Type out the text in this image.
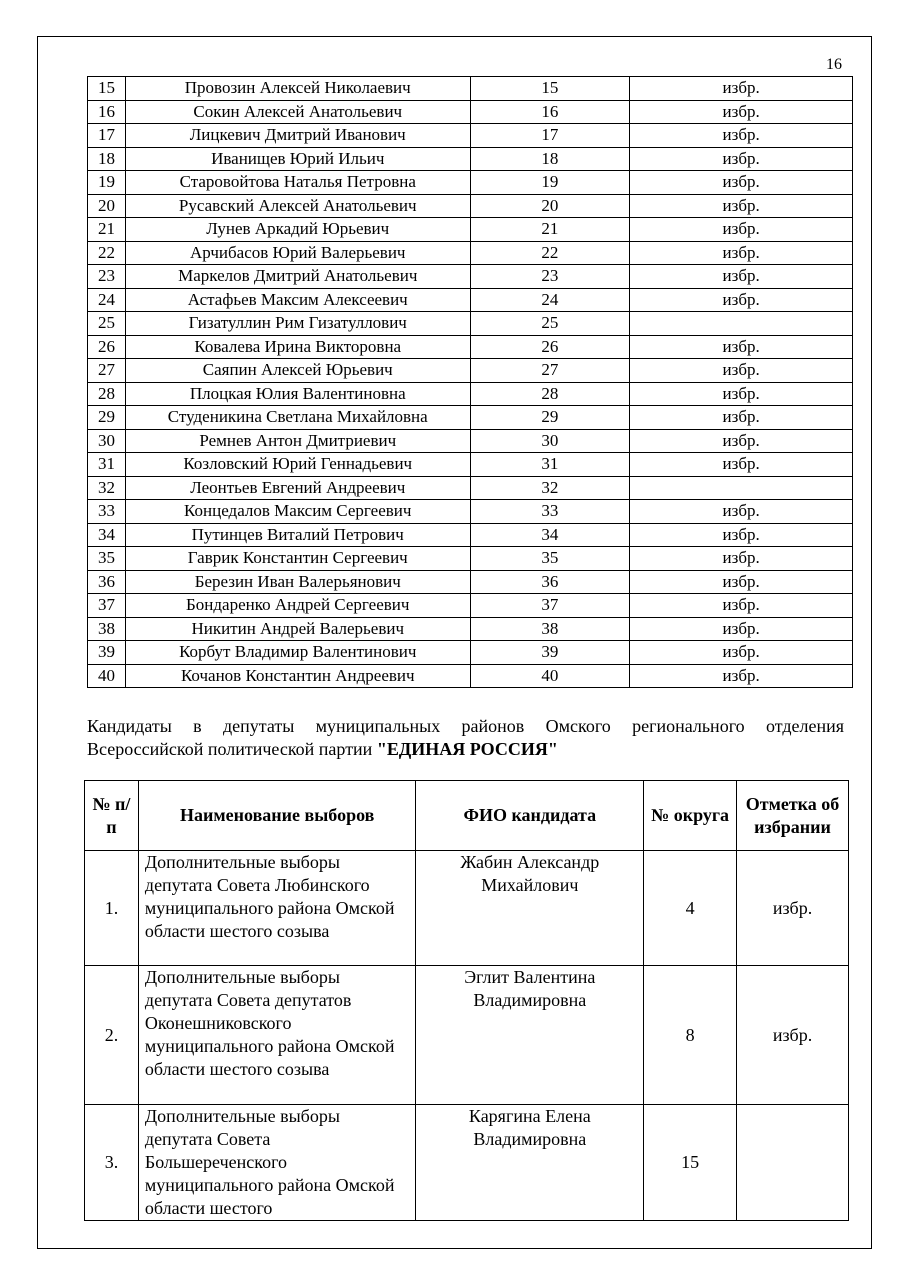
16
15	Провозин Алексей Николаевич	15	избр.
16	Сокин Алексей Анатольевич	16	избр.
17	Лицкевич Дмитрий Иванович	17	избр.
18	Иванищев Юрий Ильич	18	избр.
19	Старовойтова Наталья Петровна	19	избр.
20	Русавский Алексей Анатольевич	20	избр.
21	Лунев Аркадий Юрьевич	21	избр.
22	Арчибасов Юрий Валерьевич	22	избр.
23	Маркелов Дмитрий Анатольевич	23	избр.
24	Астафьев Максим Алексеевич	24	избр.
25	Гизатуллин Рим Гизатуллович	25	
26	Ковалева Ирина Викторовна	26	избр.
27	Саяпин Алексей Юрьевич	27	избр.
28	Плоцкая Юлия Валентиновна	28	избр.
29	Студеникина Светлана Михайловна	29	избр.
30	Ремнев Антон Дмитриевич	30	избр.
31	Козловский Юрий Геннадьевич	31	избр.
32	Леонтьев Евгений Андреевич	32	
33	Концедалов Максим Сергеевич	33	избр.
34	Путинцев Виталий Петрович	34	избр.
35	Гаврик Константин Сергеевич	35	избр.
36	Березин Иван Валерьянович	36	избр.
37	Бондаренко Андрей Сергеевич	37	избр.
38	Никитин Андрей Валерьевич	38	избр.
39	Корбут Владимир Валентинович	39	избр.
40	Кочанов Константин Андреевич	40	избр.
Кандидаты в депутаты муниципальных районов Омского регионального отделения
Всероссийской политической партии "ЕДИНАЯ РОССИЯ"
№ п/п	Наименование выборов	ФИО кандидата	№ округа	Отметка об избрании
1.	Дополнительные выборы депутата Совета Любинского муниципального района Омской области шестого созыва	Жабин Александр Михайлович	4	избр.
2.	Дополнительные выборы депутата Совета депутатов Оконешниковского муниципального района Омской области шестого созыва	Эглит Валентина Владимировна	8	избр.
3.	Дополнительные выборы депутата Совета Большереченского муниципального района Омской области шестого	Карягина Елена Владимировна	15	
